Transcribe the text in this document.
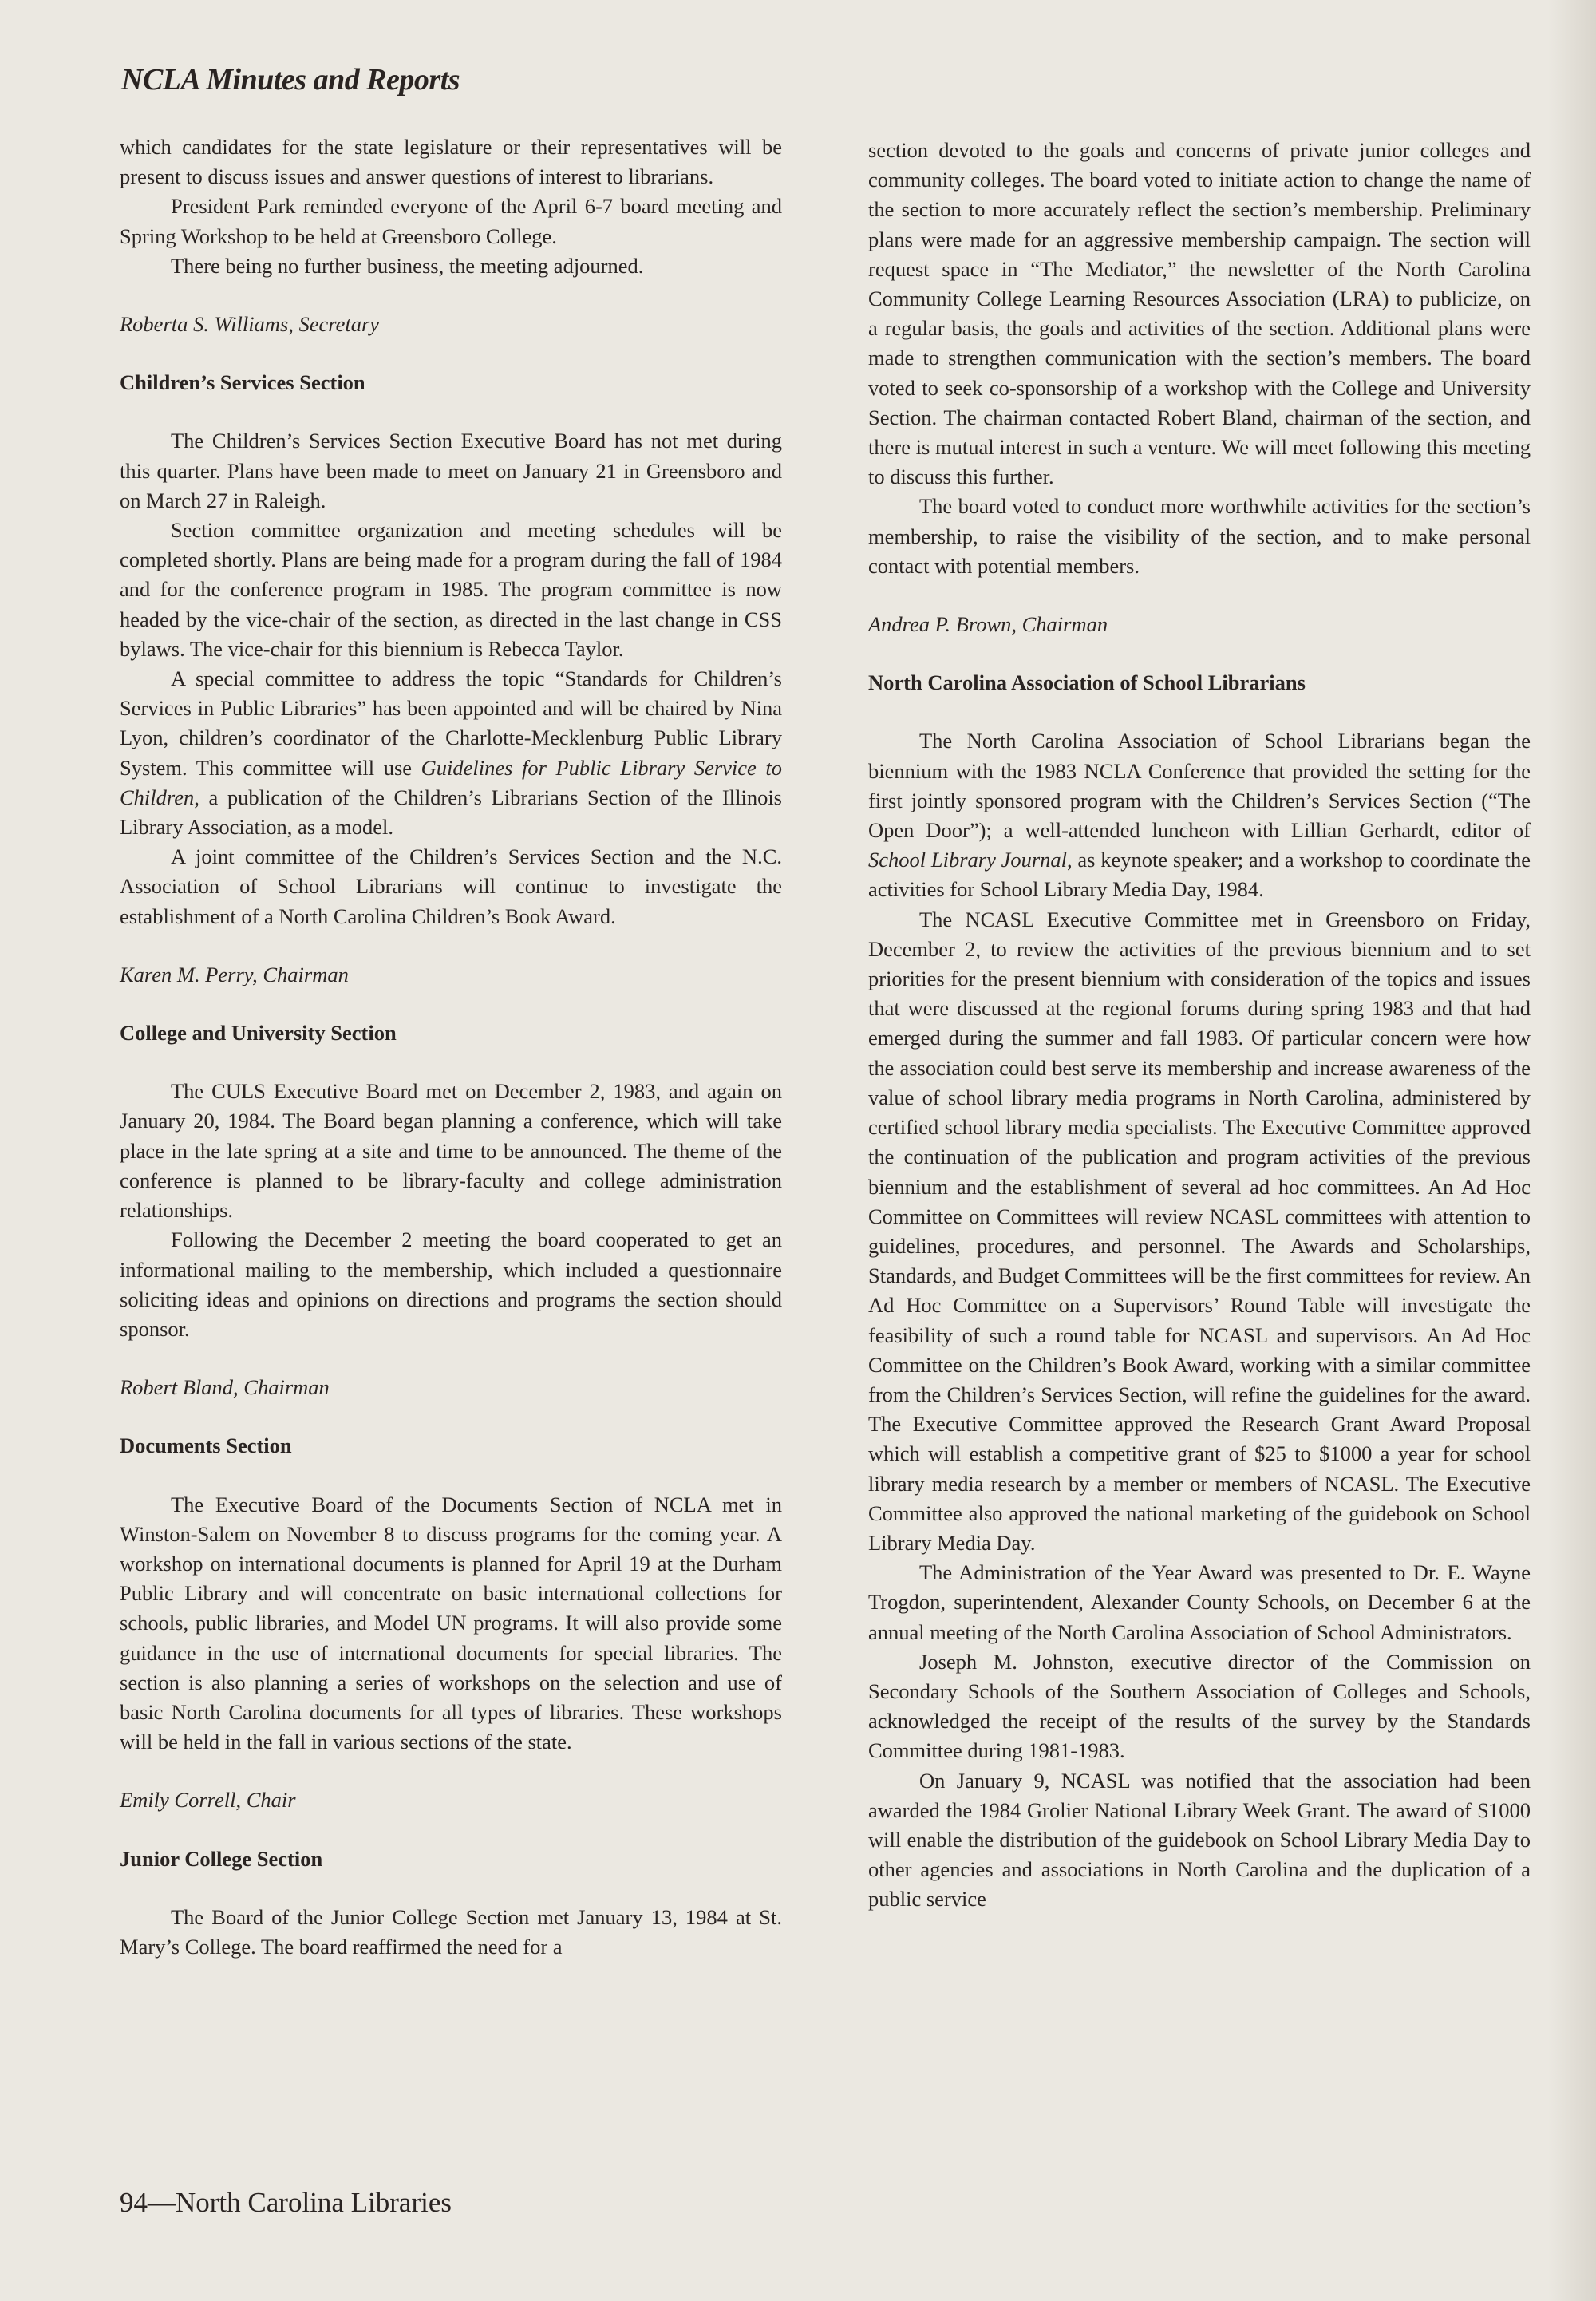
NCLA Minutes and Reports

which candidates for the state legislature or their representatives will be present to discuss issues and answer questions of interest to librarians.

President Park reminded everyone of the April 6-7 board meeting and Spring Workshop to be held at Greensboro College.

There being no further business, the meeting adjourned.

Roberta S. Williams, Secretary

Children’s Services Section

The Children’s Services Section Executive Board has not met during this quarter. Plans have been made to meet on January 21 in Greensboro and on March 27 in Raleigh.

Section committee organization and meeting schedules will be completed shortly. Plans are being made for a program during the fall of 1984 and for the conference program in 1985. The program committee is now headed by the vice-chair of the section, as directed in the last change in CSS bylaws. The vice-chair for this biennium is Rebecca Taylor.

A special committee to address the topic “Standards for Children’s Services in Public Libraries” has been appointed and will be chaired by Nina Lyon, children’s coordinator of the Charlotte-Mecklenburg Public Library System. This committee will use Guidelines for Public Library Service to Children, a publication of the Children’s Librarians Section of the Illinois Library Association, as a model.

A joint committee of the Children’s Services Section and the N.C. Association of School Librarians will continue to investigate the establishment of a North Carolina Children’s Book Award.

Karen M. Perry, Chairman

College and University Section

The CULS Executive Board met on December 2, 1983, and again on January 20, 1984. The Board began planning a conference, which will take place in the late spring at a site and time to be announced. The theme of the conference is planned to be library-faculty and college administration relationships.

Following the December 2 meeting the board cooperated to get an informational mailing to the membership, which included a questionnaire soliciting ideas and opinions on directions and programs the section should sponsor.

Robert Bland, Chairman

Documents Section

The Executive Board of the Documents Section of NCLA met in Winston-Salem on November 8 to discuss programs for the coming year. A workshop on international documents is planned for April 19 at the Durham Public Library and will concentrate on basic international collections for schools, public libraries, and Model UN programs. It will also provide some guidance in the use of international documents for special libraries. The section is also planning a series of workshops on the selection and use of basic North Carolina documents for all types of libraries. These workshops will be held in the fall in various sections of the state.

Emily Correll, Chair

Junior College Section

The Board of the Junior College Section met January 13, 1984 at St. Mary’s College. The board reaffirmed the need for a

section devoted to the goals and concerns of private junior colleges and community colleges. The board voted to initiate action to change the name of the section to more accurately reflect the section’s membership. Preliminary plans were made for an aggressive membership campaign. The section will request space in “The Mediator,” the newsletter of the North Carolina Community College Learning Resources Association (LRA) to publicize, on a regular basis, the goals and activities of the section. Additional plans were made to strengthen communication with the section’s members. The board voted to seek co-sponsorship of a workshop with the College and University Section. The chairman contacted Robert Bland, chairman of the section, and there is mutual interest in such a venture. We will meet following this meeting to discuss this further.

The board voted to conduct more worthwhile activities for the section’s membership, to raise the visibility of the section, and to make personal contact with potential members.

Andrea P. Brown, Chairman

North Carolina Association of School Librarians

The North Carolina Association of School Librarians began the biennium with the 1983 NCLA Conference that provided the setting for the first jointly sponsored program with the Children’s Services Section (“The Open Door”); a well-attended luncheon with Lillian Gerhardt, editor of School Library Journal, as keynote speaker; and a workshop to coordinate the activities for School Library Media Day, 1984.

The NCASL Executive Committee met in Greensboro on Friday, December 2, to review the activities of the previous biennium and to set priorities for the present biennium with consideration of the topics and issues that were discussed at the regional forums during spring 1983 and that had emerged during the summer and fall 1983. Of particular concern were how the association could best serve its membership and increase awareness of the value of school library media programs in North Carolina, administered by certified school library media specialists. The Executive Committee approved the continuation of the publication and program activities of the previous biennium and the establishment of several ad hoc committees. An Ad Hoc Committee on Committees will review NCASL committees with attention to guidelines, procedures, and personnel. The Awards and Scholarships, Standards, and Budget Committees will be the first committees for review. An Ad Hoc Committee on a Supervisors’ Round Table will investigate the feasibility of such a round table for NCASL and supervisors. An Ad Hoc Committee on the Children’s Book Award, working with a similar committee from the Children’s Services Section, will refine the guidelines for the award. The Executive Committee approved the Research Grant Award Proposal which will establish a competitive grant of $25 to $1000 a year for school library media research by a member or members of NCASL. The Executive Committee also approved the national marketing of the guidebook on School Library Media Day.

The Administration of the Year Award was presented to Dr. E. Wayne Trogdon, superintendent, Alexander County Schools, on December 6 at the annual meeting of the North Carolina Association of School Administrators.

Joseph M. Johnston, executive director of the Commission on Secondary Schools of the Southern Association of Colleges and Schools, acknowledged the receipt of the results of the survey by the Standards Committee during 1981-1983.

On January 9, NCASL was notified that the association had been awarded the 1984 Grolier National Library Week Grant. The award of $1000 will enable the distribution of the guidebook on School Library Media Day to other agencies and associations in North Carolina and the duplication of a public service

94—North Carolina Libraries
